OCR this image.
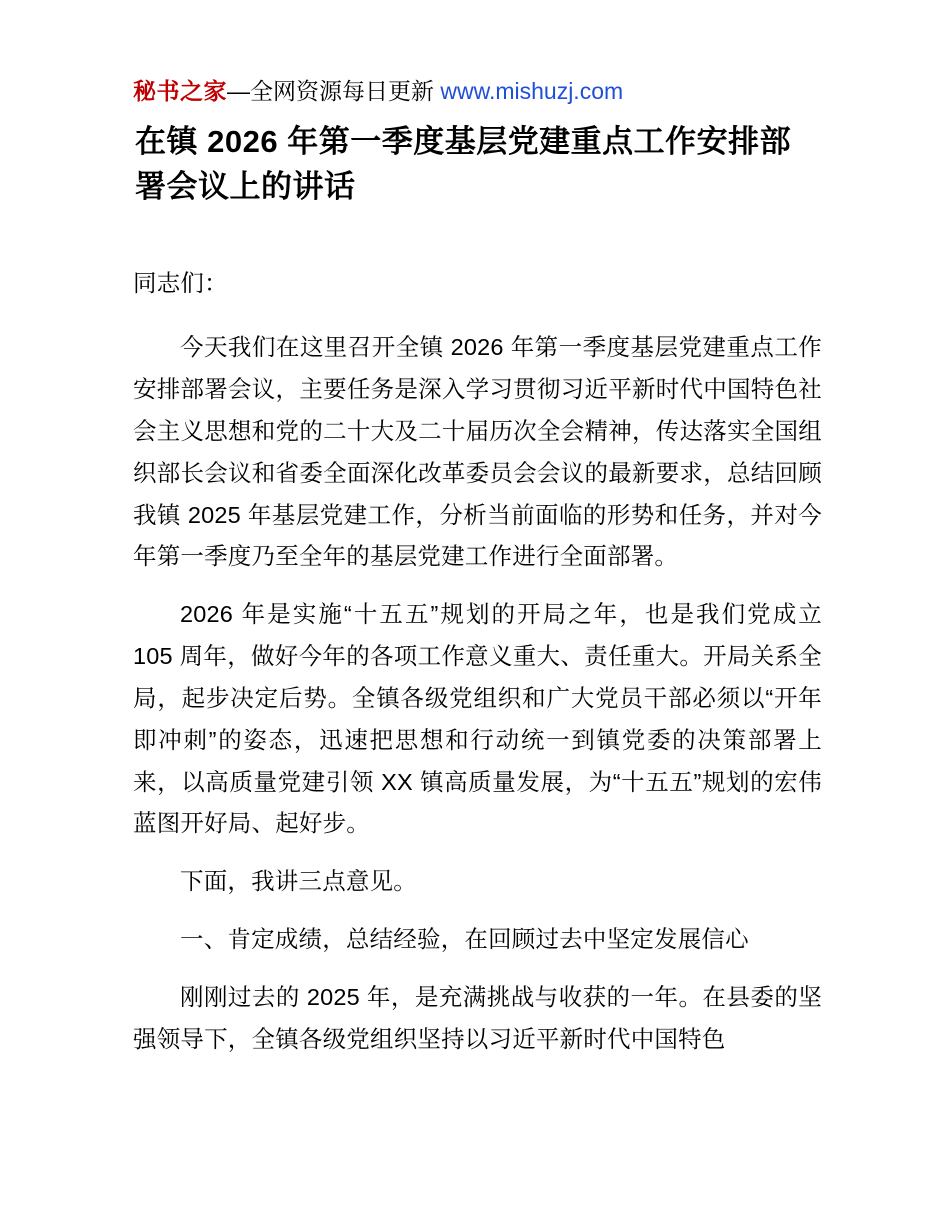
秘书之家—全网资源每日更新 www.mishuzj.com
在镇 2026 年第一季度基层党建重点工作安排部署会议上的讲话

同志们：

今天我们在这里召开全镇 2026 年第一季度基层党建重点工作安排部署会议，主要任务是深入学习贯彻习近平新时代中国特色社会主义思想和党的二十大及二十届历次全会精神，传达落实全国组织部长会议和省委全面深化改革委员会会议的最新要求，总结回顾我镇 2025 年基层党建工作，分析当前面临的形势和任务，并对今年第一季度乃至全年的基层党建工作进行全面部署。

2026 年是实施“十五五”规划的开局之年，也是我们党成立 105 周年，做好今年的各项工作意义重大、责任重大。开局关系全局，起步决定后势。全镇各级党组织和广大党员干部必须以“开年即冲刺”的姿态，迅速把思想和行动统一到镇党委的决策部署上来，以高质量党建引领 XX 镇高质量发展，为“十五五”规划的宏伟蓝图开好局、起好步。

下面，我讲三点意见。

一、肯定成绩，总结经验，在回顾过去中坚定发展信心

刚刚过去的 2025 年，是充满挑战与收获的一年。在县委的坚强领导下，全镇各级党组织坚持以习近平新时代中国特色
